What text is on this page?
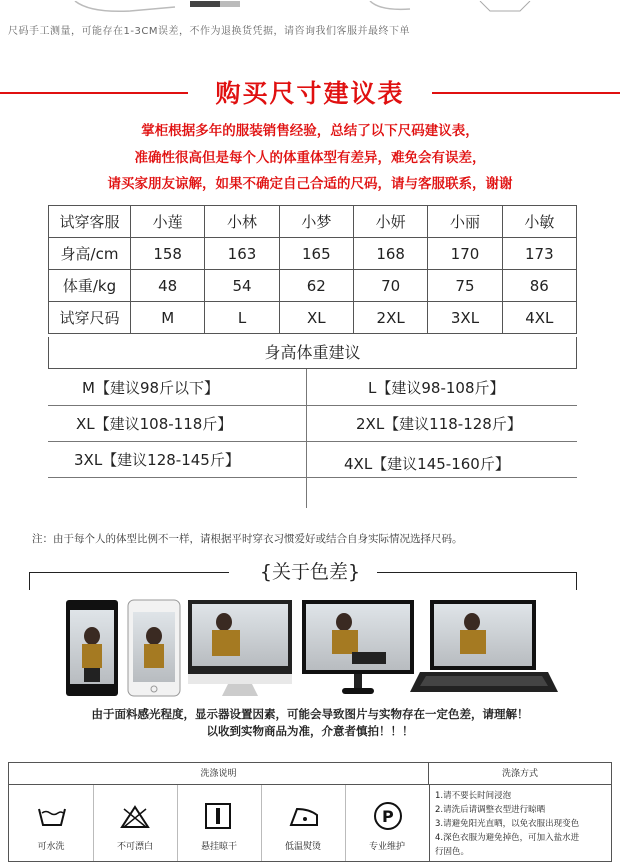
尺码手工测量，可能存在1-3CM误差，不作为退换货凭据，请咨询我们客服并最终下单
购买尺寸建议表
掌柜根据多年的服装销售经验，总结了以下尺码建议表，
准确性很高但是每个人的体重体型有差异，难免会有误差，
请买家朋友谅解，如果不确定自己合适的尺码，请与客服联系，谢谢
试穿客服	小莲	小林	小梦	小妍	小丽	小敏
身高/cm	158	163	165	168	170	173
体重/kg	48	54	62	70	75	86
试穿尺码	M	L	XL	2XL	3XL	4XL
身高体重建议
M【建议98斤以下】	L【建议98-108斤】
XL【建议108-118斤】	2XL【建议118-128斤】
3XL【建议128-145斤】	4XL【建议145-160斤】
注：由于每个人的体型比例不一样，请根据平时穿衣习惯爱好或结合自身实际情况选择尺码。
{关于色差}
由于面料感光程度，显示器设置因素，可能会导致图片与实物存在一定色差，请理解！
以收到实物商品为准，介意者慎拍！！！
洗涤说明	洗涤方式
P
可水洗	不可漂白	悬挂晾干	低温熨烫	专业维护
1.请不要长时间浸泡
2.请洗后请调整衣型进行晾晒
3.请避免阳光直晒，以免衣服出现变色
4.深色衣服为避免掉色，可加入盐水进
行固色。
